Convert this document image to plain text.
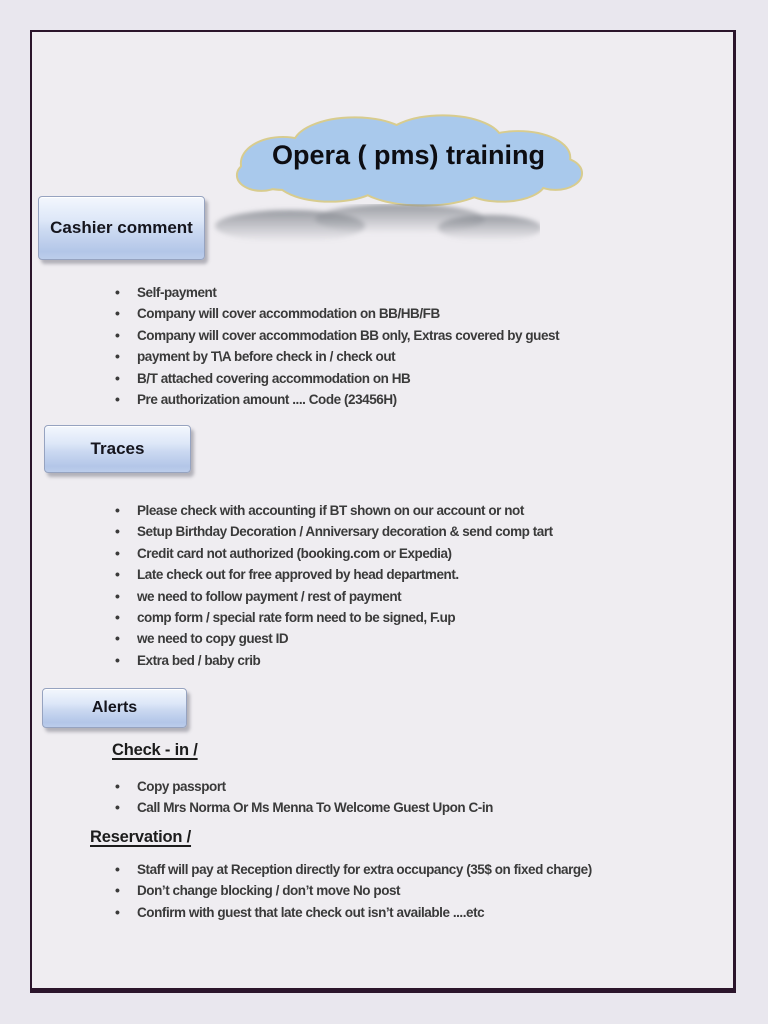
Opera ( pms) training
Cashier comment
Traces
Alerts
• Self-payment
• Company will cover accommodation on BB/HB/FB
• Company will cover accommodation BB only, Extras covered by guest
• payment by T\A before check in / check out
• B/T attached covering accommodation on HB
• Pre authorization amount .... Code (23456H)
• Please check with accounting if BT shown on our account or not
• Setup Birthday Decoration / Anniversary decoration & send comp tart
• Credit card not authorized (booking.com or Expedia)
• Late check out for free approved by head department.
• we need to follow payment / rest of payment
• comp form / special rate form need to be signed, F.up
• we need to copy guest ID
• Extra bed / baby crib
Check - in /
• Copy passport
• Call Mrs Norma Or Ms Menna To Welcome Guest Upon C-in
Reservation /
• Staff will pay at Reception directly for extra occupancy (35$ on fixed charge)
• Don’t change blocking / don’t move No post
• Confirm with guest that late check out isn’t available ....etc
